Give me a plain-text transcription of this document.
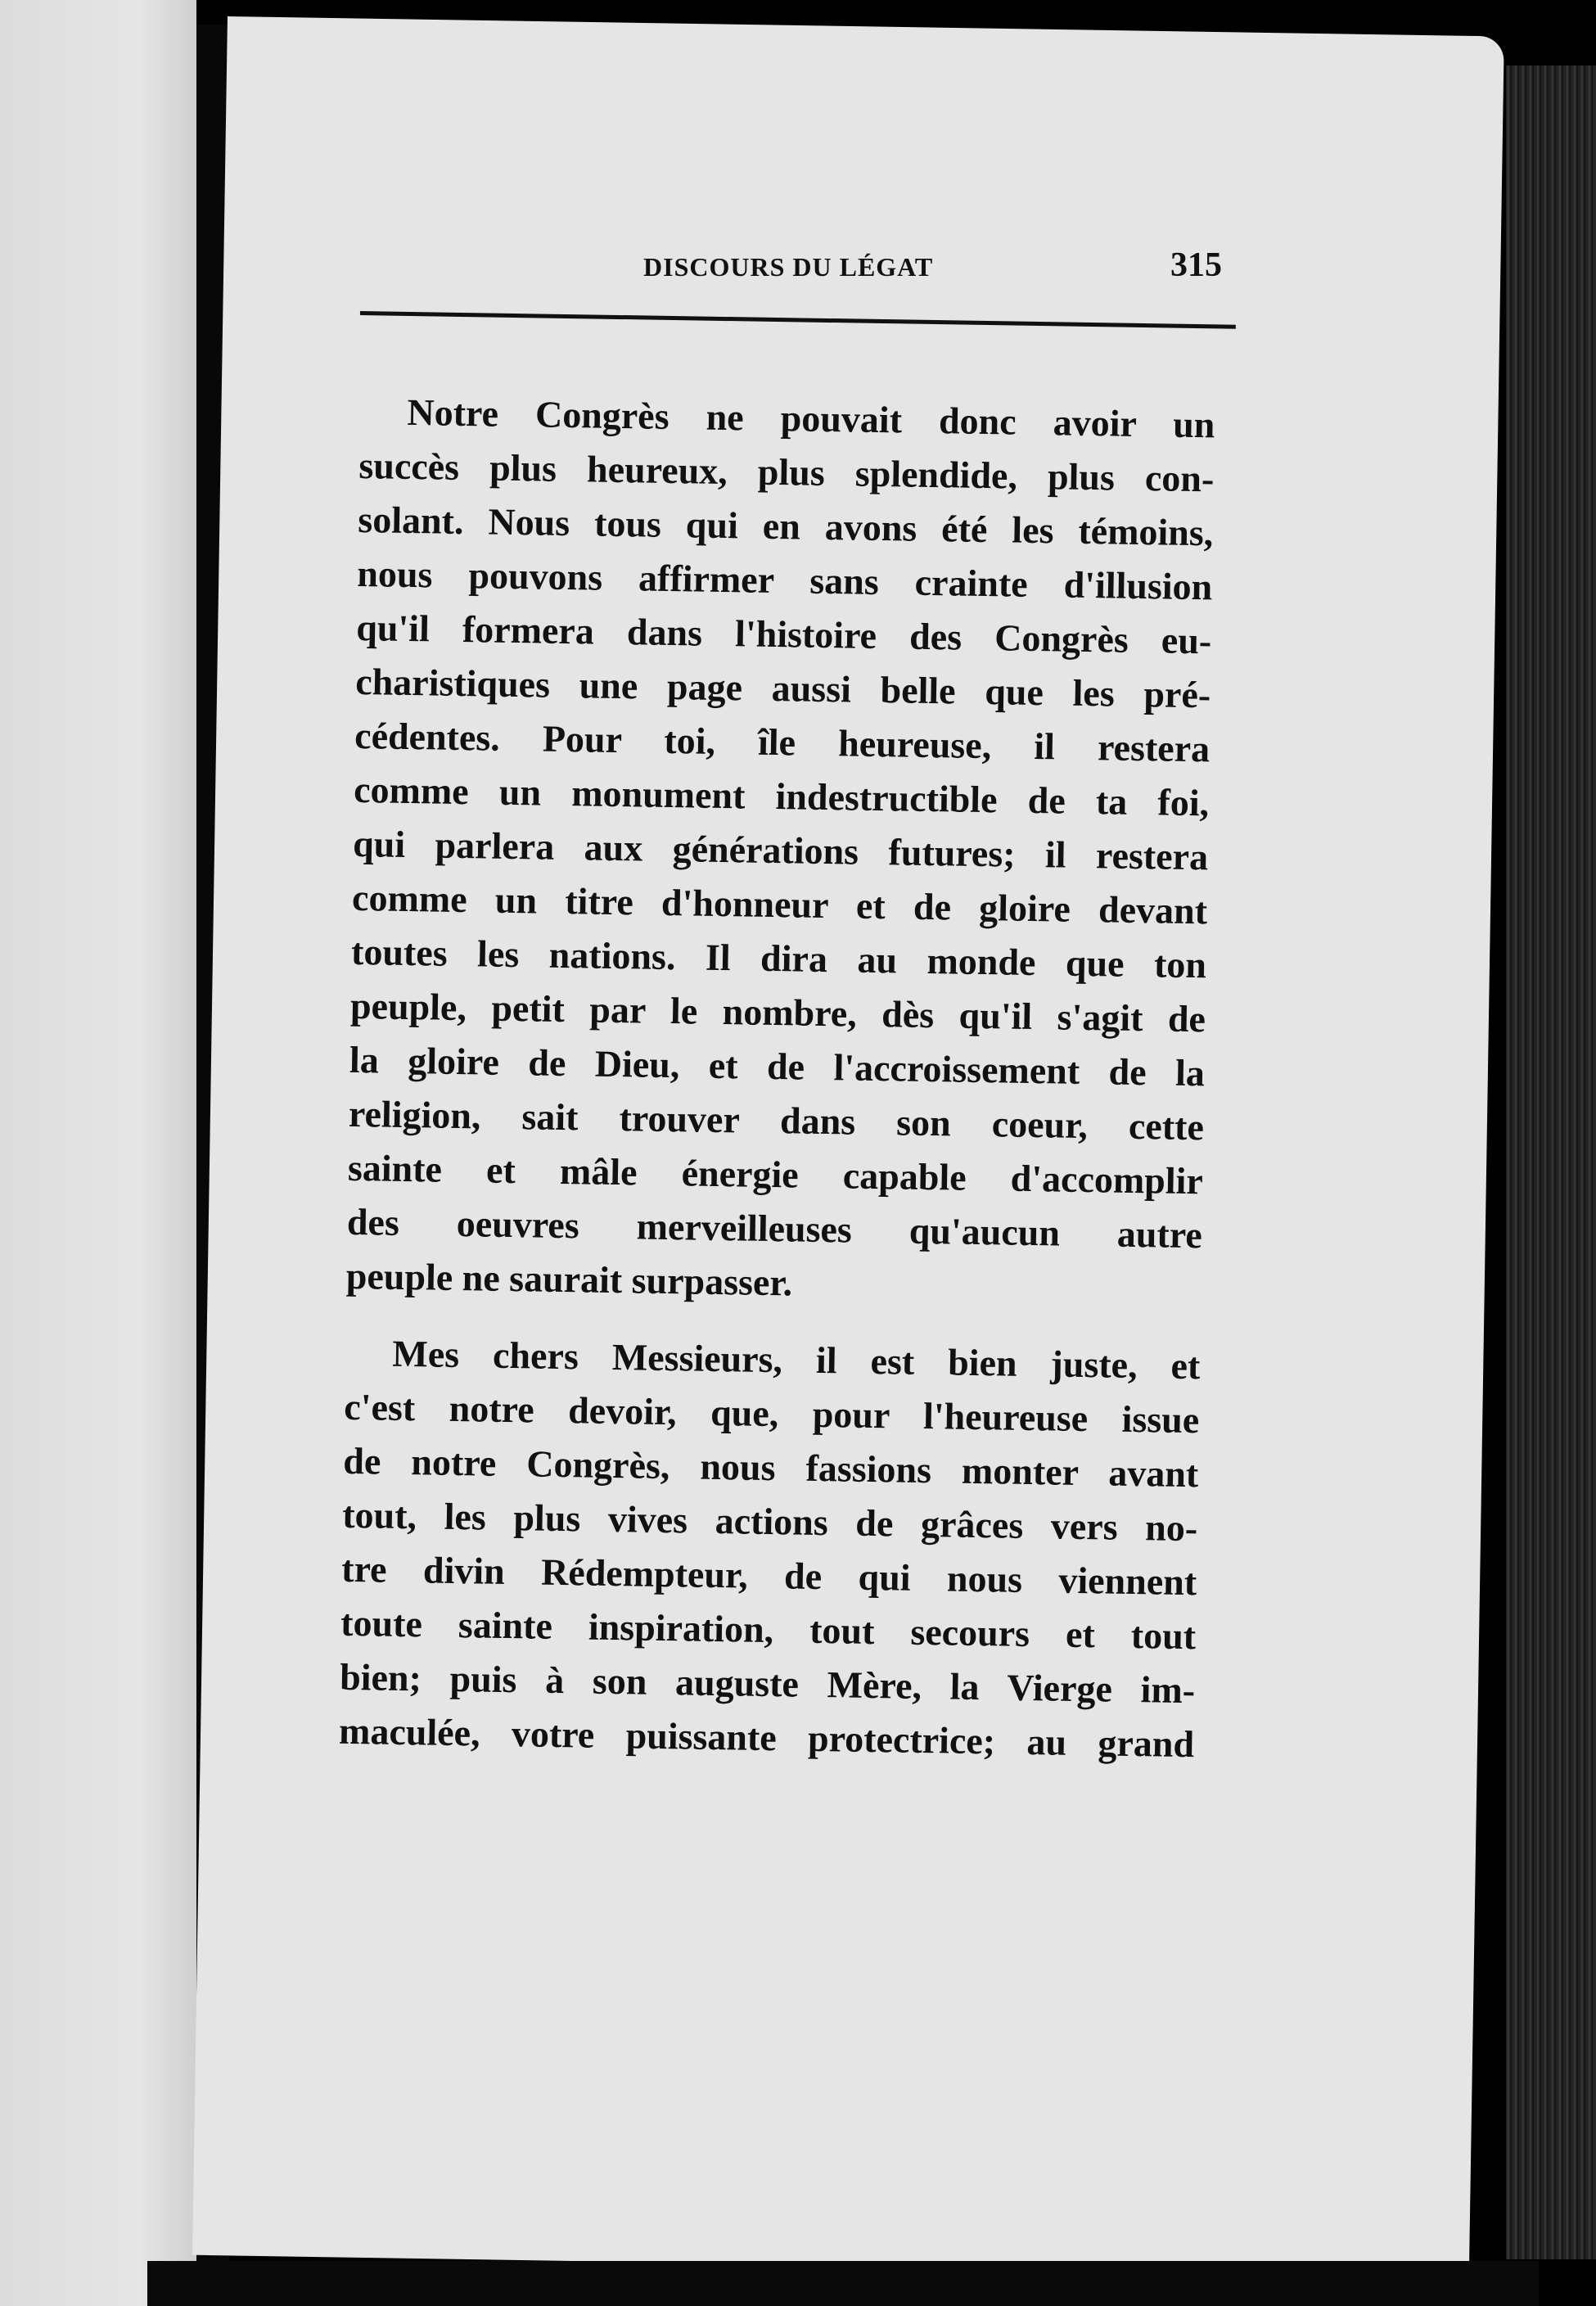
DISCOURS DU LÉGAT	315

Notre Congrès ne pouvait donc avoir un
succès plus heureux, plus splendide, plus con-
solant. Nous tous qui en avons été les témoins,
nous pouvons affirmer sans crainte d'illusion
qu'il formera dans l'histoire des Congrès eu-
charistiques une page aussi belle que les pré-
cédentes. Pour toi, île heureuse, il restera
comme un monument indestructible de ta foi,
qui parlera aux générations futures; il restera
comme un titre d'honneur et de gloire devant
toutes les nations. Il dira au monde que ton
peuple, petit par le nombre, dès qu'il s'agit de
la gloire de Dieu, et de l'accroissement de la
religion, sait trouver dans son coeur, cette
sainte et mâle énergie capable d'accomplir
des oeuvres merveilleuses qu'aucun autre
peuple ne saurait surpasser.

Mes chers Messieurs, il est bien juste, et
c'est notre devoir, que, pour l'heureuse issue
de notre Congrès, nous fassions monter avant
tout, les plus vives actions de grâces vers no-
tre divin Rédempteur, de qui nous viennent
toute sainte inspiration, tout secours et tout
bien; puis à son auguste Mère, la Vierge im-
maculée, votre puissante protectrice; au grand
